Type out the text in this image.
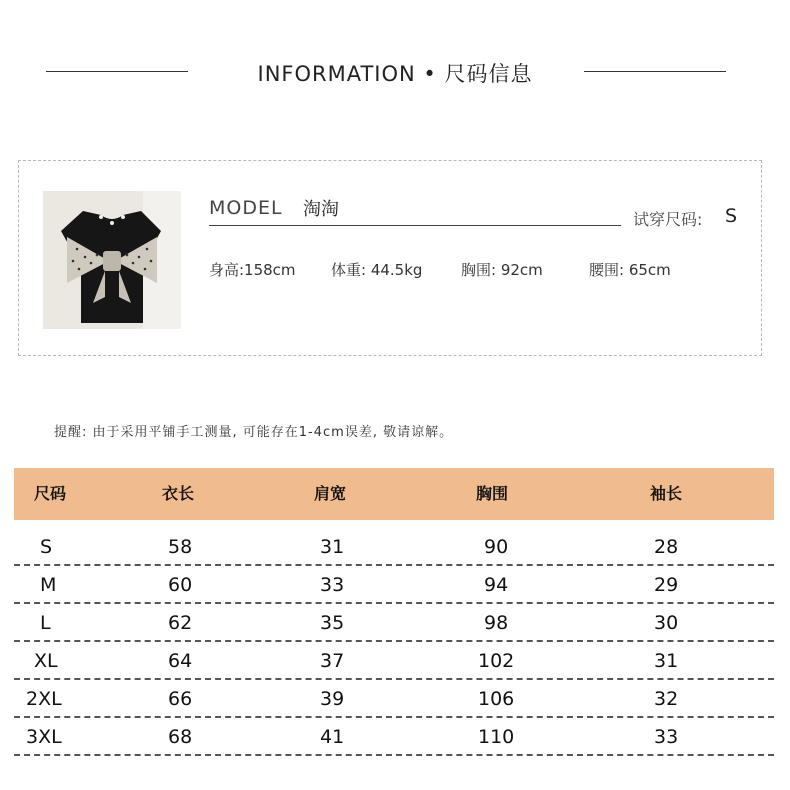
INFORMATION • 尺码信息
MODEL 淘淘	试穿尺码: S
身高:158cm 体重: 44.5kg	胸围: 92cm	腰围: 65cm
提醒: 由于采用平铺手工测量, 可能存在1-4cm误差, 敬请谅解。
尺码	衣长	肩宽	胸围	袖长
S	58	31	90	28
M	60	33	94	29
L	62	35	98	30
XL	64	37	102	31
2XL	66	39	106	32
3XL	68	41	110	33
